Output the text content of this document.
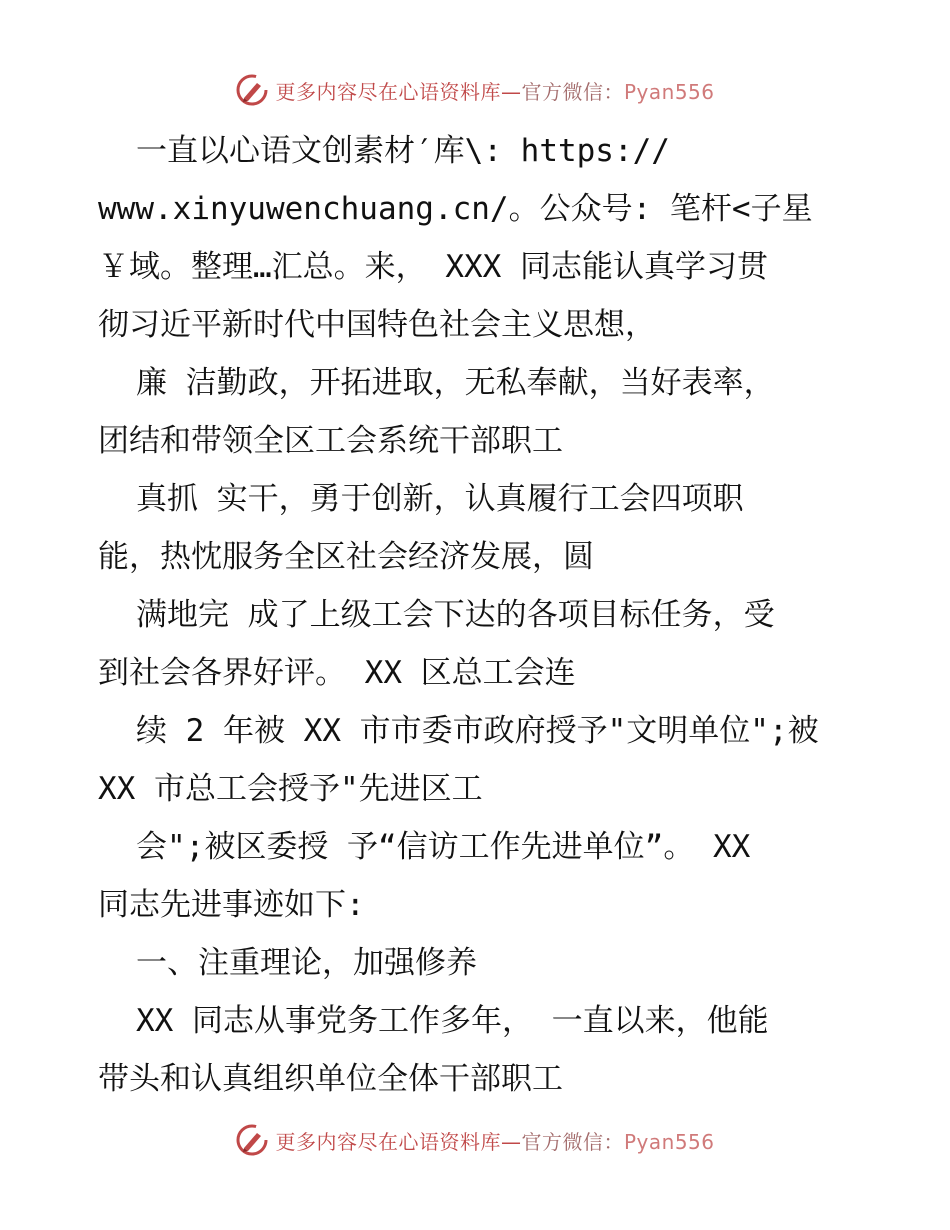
更多内容尽在心语资料库—官方微信：Pyan556
一直以心语文创素材′库\: https://
www.xinyuwenchuang.cn/。公众号: 笔杆<子星
￥域。整理…汇总。来， XXX 同志能认真学习贯
彻习近平新时代中国特色社会主义思想，
廉 洁勤政，开拓进取，无私奉献，当好表率，
团结和带领全区工会系统干部职工
真抓 实干，勇于创新，认真履行工会四项职
能，热忱服务全区社会经济发展，圆
满地完 成了上级工会下达的各项目标任务，受
到社会各界好评。 XX 区总工会连
续 2 年被 XX 市市委市政府授予"文明单位";被
XX 市总工会授予"先进区工
会";被区委授 予“信访工作先进单位”。 XX
同志先进事迹如下:
一、注重理论，加强修养
XX 同志从事党务工作多年， 一直以来，他能
带头和认真组织单位全体干部职工
更多内容尽在心语资料库—官方微信：Pyan556
